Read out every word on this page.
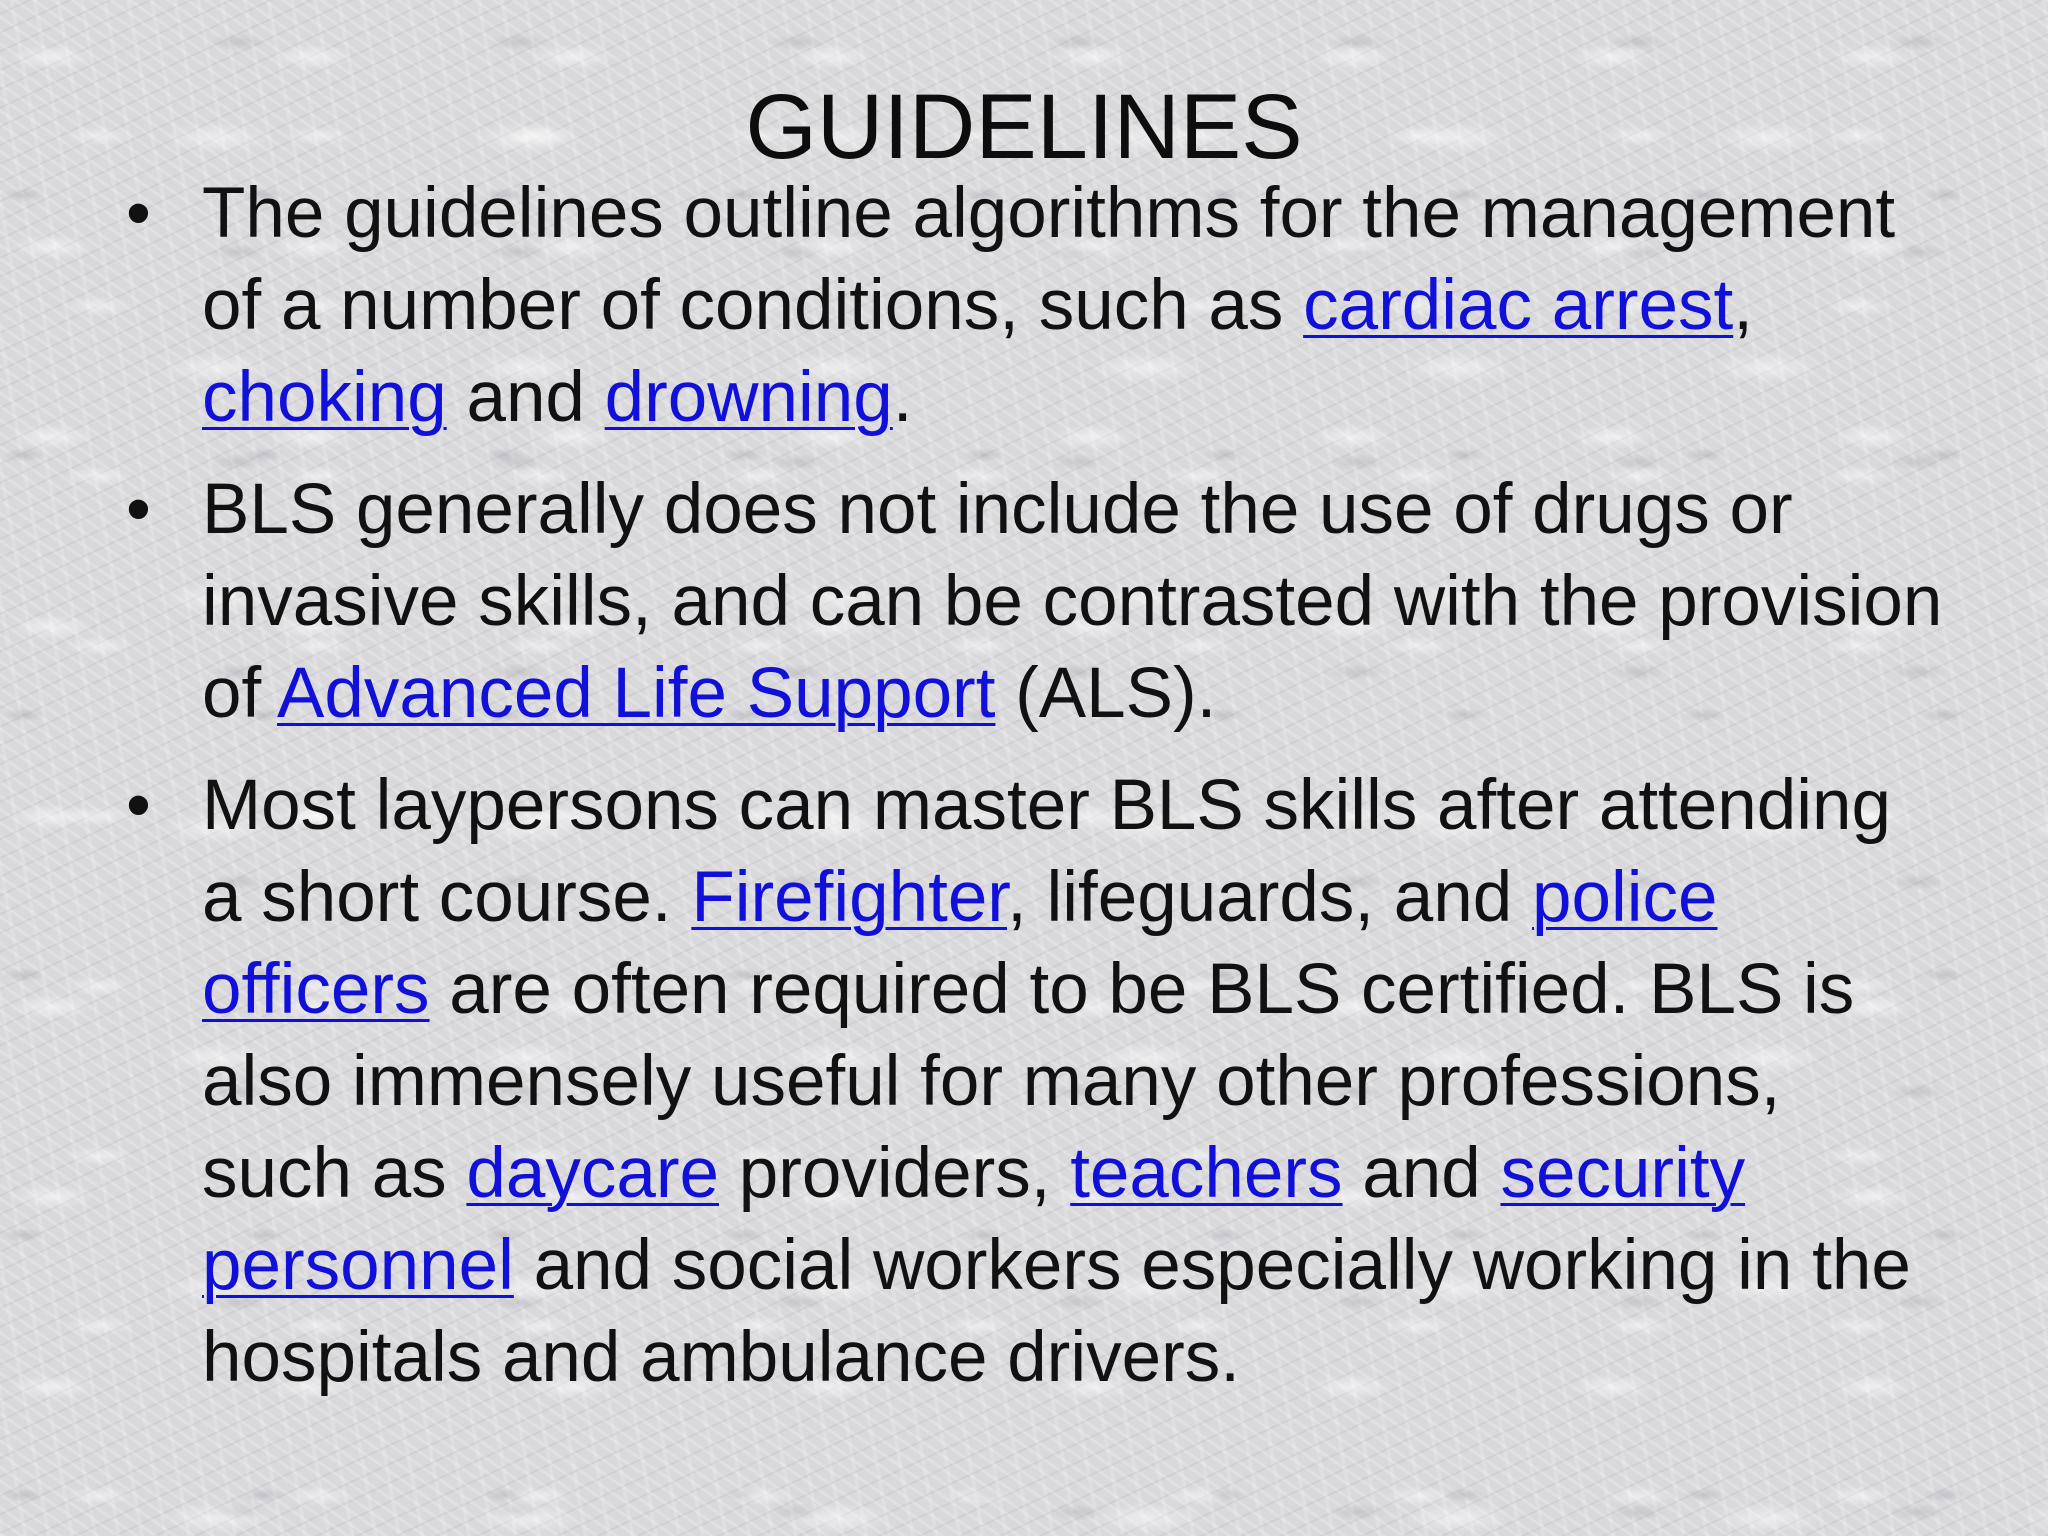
GUIDELINES
• The guidelines outline algorithms for the management of a number of conditions, such as cardiac arrest, choking and drowning.
• BLS generally does not include the use of drugs or invasive skills, and can be contrasted with the provision of Advanced Life Support (ALS).
• Most laypersons can master BLS skills after attending a short course. Firefighter, lifeguards, and police officers are often required to be BLS certified. BLS is also immensely useful for many other professions, such as daycare providers, teachers and security personnel and social workers especially working in the hospitals and ambulance drivers.
